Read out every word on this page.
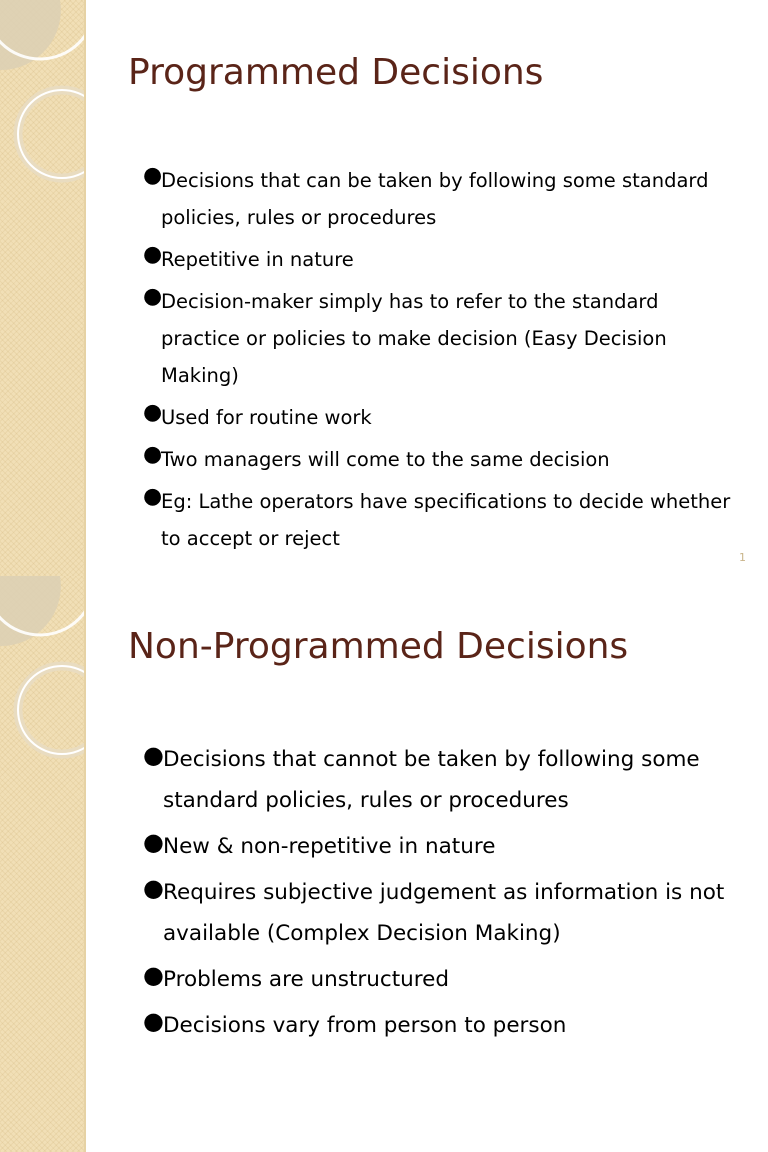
Programmed Decisions
●
Decisions that can be taken by following some standard policies, rules or procedures
●
Repetitive in nature
●
Decision-maker simply has to refer to the standard practice or policies to make decision (Easy Decision Making)
●
Used for routine work
●
Two managers will come to the same decision
●
Eg: Lathe operators have specifications to decide whether to accept or reject
1
Non-Programmed Decisions
● Decisions that cannot be taken by following some standard policies, rules or procedures
● New & non-repetitive in nature
● Requires subjective judgement as information is not available (Complex Decision Making)
● Problems are unstructured
● Decisions vary from person to person
